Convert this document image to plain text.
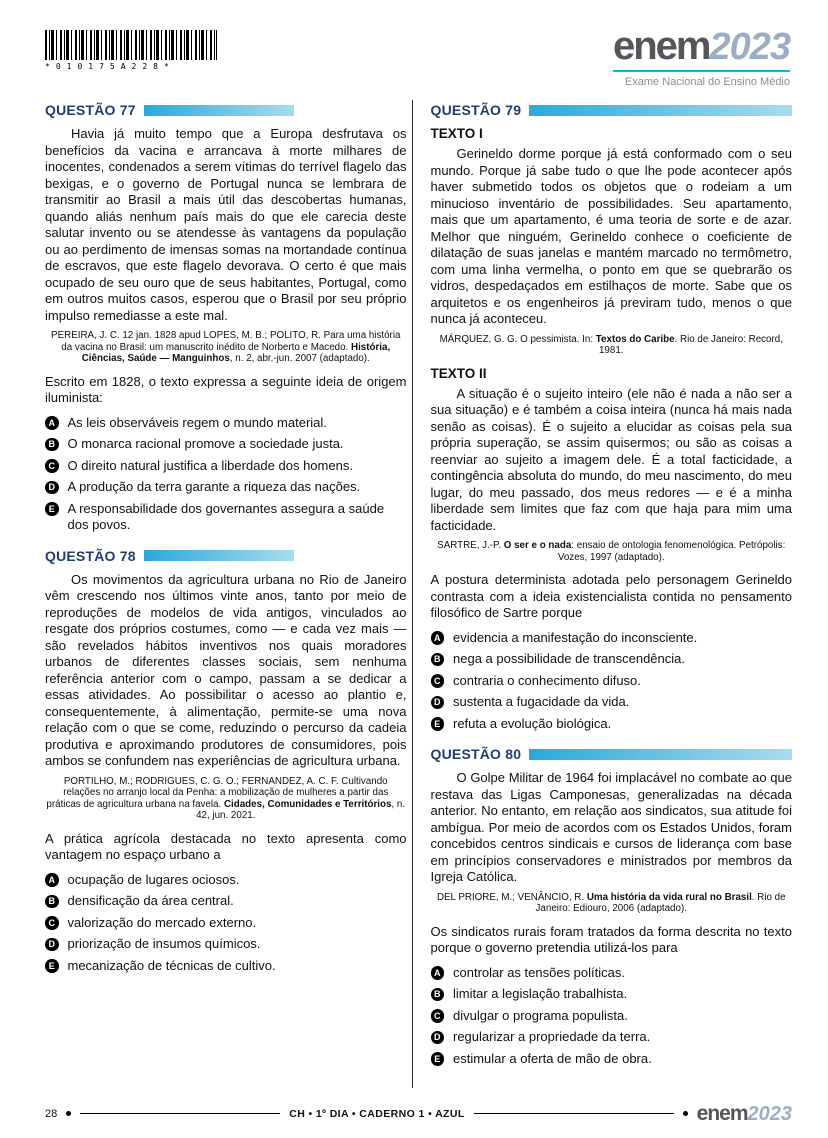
*010175A228*	enem2023
Exame Nacional do Ensino Médio
QUESTÃO 77

Havia já muito tempo que a Europa desfrutava os benefícios da vacina e arrancava à morte milhares de inocentes, condenados a serem vítimas do terrível flagelo das bexigas, e o governo de Portugal nunca se lembrara de transmitir ao Brasil a mais útil das descobertas humanas, quando aliás nenhum país mais do que ele carecia deste salutar invento ou se atendesse às vantagens da população ou ao perdimento de imensas somas na mortandade contínua de escravos, que este flagelo devorava. O certo é que mais ocupado de seu ouro que de seus habitantes, Portugal, como em outros muitos casos, esperou que o Brasil por seu próprio impulso remediasse a este mal.

PEREIRA, J. C. 12 jan. 1828 apud LOPES, M. B.; POLITO, R. Para uma história da vacina no Brasil: um manuscrito inédito de Norberto e Macedo. História, Ciências, Saúde — Manguinhos, n. 2, abr.-jun. 2007 (adaptado).

Escrito em 1828, o texto expressa a seguinte ideia de origem iluminista:

A As leis observáveis regem o mundo material.
B O monarca racional promove a sociedade justa.
C O direito natural justifica a liberdade dos homens.
D A produção da terra garante a riqueza das nações.
E A responsabilidade dos governantes assegura a saúde dos povos.
QUESTÃO 78

Os movimentos da agricultura urbana no Rio de Janeiro vêm crescendo nos últimos vinte anos, tanto por meio de reproduções de modelos de vida antigos, vinculados ao resgate dos próprios costumes, como — e cada vez mais — são revelados hábitos inventivos nos quais moradores urbanos de diferentes classes sociais, sem nenhuma referência anterior com o campo, passam a se dedicar a essas atividades. Ao possibilitar o acesso ao plantio e, consequentemente, à alimentação, permite-se uma nova relação com o que se come, reduzindo o percurso da cadeia produtiva e aproximando produtores de consumidores, pois ambos se confundem nas experiências de agricultura urbana.

PORTILHO, M.; RODRIGUES, C. G. O.; FERNANDEZ, A. C. F. Cultivando relações no arranjo local da Penha: a mobilização de mulheres a partir das práticas de agricultura urbana na favela. Cidades, Comunidades e Territórios, n. 42, jun. 2021.

A prática agrícola destacada no texto apresenta como vantagem no espaço urbano a

A ocupação de lugares ociosos.
B densificação da área central.
C valorização do mercado externo.
D priorização de insumos químicos.
E mecanização de técnicas de cultivo.
QUESTÃO 79
TEXTO I

Gerineldo dorme porque já está conformado com o seu mundo. Porque já sabe tudo o que lhe pode acontecer após haver submetido todos os objetos que o rodeiam a um minucioso inventário de possibilidades. Seu apartamento, mais que um apartamento, é uma teoria de sorte e de azar. Melhor que ninguém, Gerineldo conhece o coeficiente de dilatação de suas janelas e mantém marcado no termômetro, com uma linha vermelha, o ponto em que se quebrarão os vidros, despedaçados em estilhaços de morte. Sabe que os arquitetos e os engenheiros já previram tudo, menos o que nunca já aconteceu.

MÁRQUEZ, G. G. O pessimista. In: Textos do Caribe. Rio de Janeiro: Record, 1981.

TEXTO II

A situação é o sujeito inteiro (ele não é nada a não ser a sua situação) e é também a coisa inteira (nunca há mais nada senão as coisas). É o sujeito a elucidar as coisas pela sua própria superação, se assim quisermos; ou são as coisas a reenviar ao sujeito a imagem dele. É a total facticidade, a contingência absoluta do mundo, do meu nascimento, do meu lugar, do meu passado, dos meus redores — e é a minha liberdade sem limites que faz com que haja para mim uma facticidade.

SARTRE, J.-P. O ser e o nada: ensaio de ontologia fenomenológica. Petrópolis: Vozes, 1997 (adaptado).

A postura determinista adotada pelo personagem Gerineldo contrasta com a ideia existencialista contida no pensamento filosófico de Sartre porque

A evidencia a manifestação do inconsciente.
B nega a possibilidade de transcendência.
C contraria o conhecimento difuso.
D sustenta a fugacidade da vida.
E refuta a evolução biológica.
QUESTÃO 80

O Golpe Militar de 1964 foi implacável no combate ao que restava das Ligas Camponesas, generalizadas na década anterior. No entanto, em relação aos sindicatos, sua atitude foi ambígua. Por meio de acordos com os Estados Unidos, foram concebidos centros sindicais e cursos de liderança com base em princípios conservadores e ministrados por membros da Igreja Católica.

DEL PRIORE, M.; VENÂNCIO, R. Uma história da vida rural no Brasil. Rio de Janeiro: Ediouro, 2006 (adaptado).

Os sindicatos rurais foram tratados da forma descrita no texto porque o governo pretendia utilizá-los para

A controlar as tensões políticas.
B limitar a legislação trabalhista.
C divulgar o programa populista.
D regularizar a propriedade da terra.
E estimular a oferta de mão de obra.
28	CH • 1º DIA • CADERNO 1 • AZUL	enem2023
